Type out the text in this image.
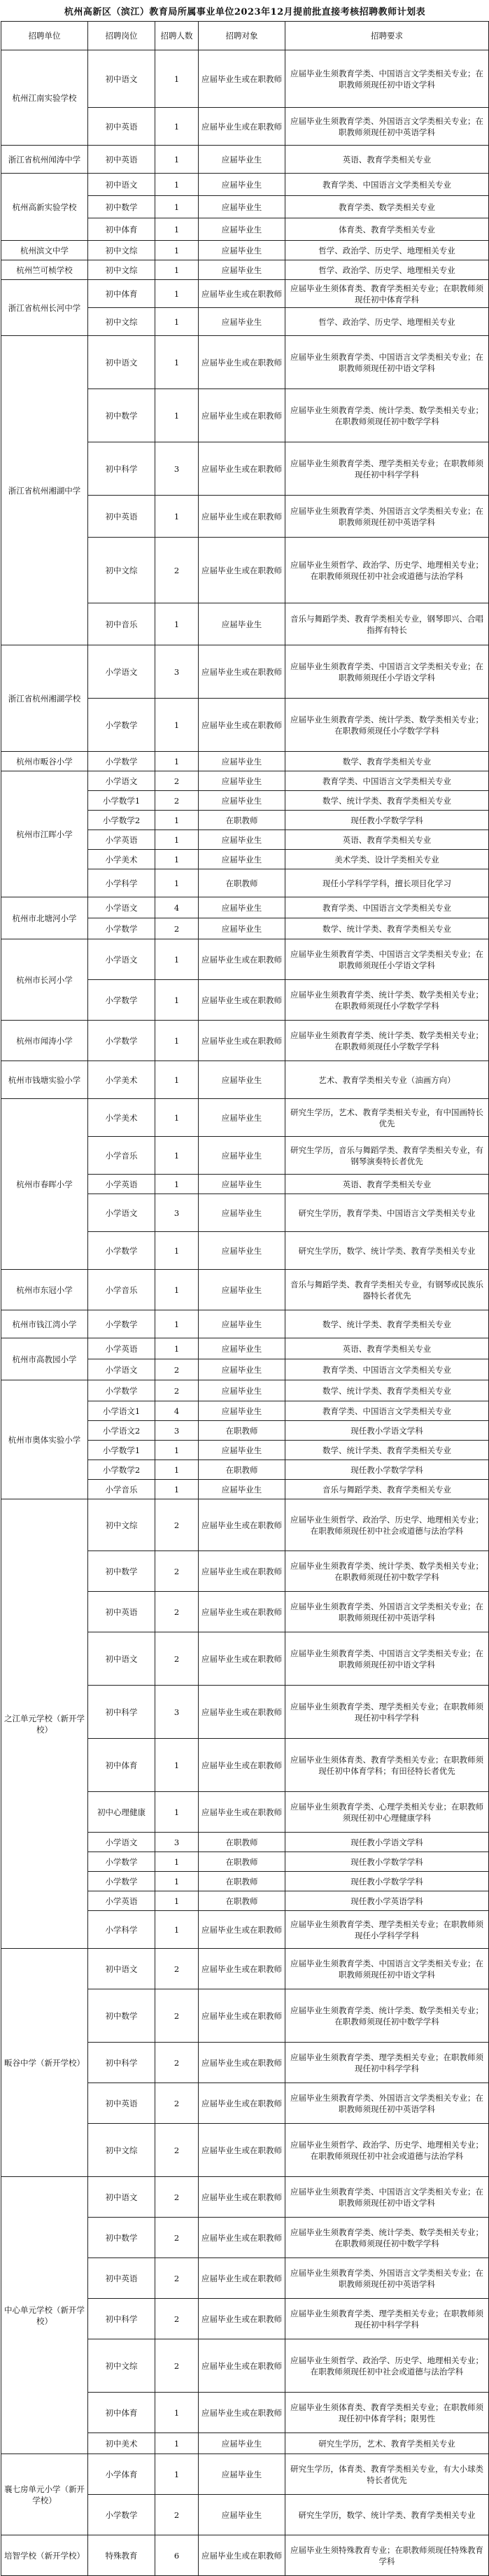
杭州高新区（滨江）教育局所属事业单位2023年12月提前批直接考核招聘教师计划表
招聘单位	招聘岗位	招聘人数	招聘对象	招聘要求
杭州江南实验学校	初中语文	1	应届毕业生或在职教师	应届毕业生须教育学类、中国语言文学类相关专业；在职教师须现任初中语文学科
	初中英语	1	应届毕业生或在职教师	应届毕业生须教育学类、外国语言文学类相关专业；在职教师须现任初中英语学科
浙江省杭州闻涛中学	初中英语	1	应届毕业生	英语、教育学类相关专业
杭州高新实验学校	初中语文	1	应届毕业生	教育学类、中国语言文学类相关专业
	初中数学	1	应届毕业生	教育学类、数学类相关专业
	初中体育	1	应届毕业生	体育类、教育学类相关专业
杭州滨文中学	初中文综	1	应届毕业生	哲学、政治学、历史学、地理相关专业
杭州竺可桢学校	初中文综	1	应届毕业生	哲学、政治学、历史学、地理相关专业
浙江省杭州长河中学	初中体育	1	应届毕业生或在职教师	应届毕业生须体育类、教育学类相关专业；在职教师须现任初中体育学科
	初中文综	1	应届毕业生	哲学、政治学、历史学、地理相关专业
浙江省杭州湘湖中学	初中语文	1	应届毕业生或在职教师	应届毕业生须教育学类、中国语言文学类相关专业；在职教师须现任初中语文学科
	初中数学	1	应届毕业生或在职教师	应届毕业生须教育学类、统计学类、数学类相关专业；在职教师须现任初中数学学科
	初中科学	3	应届毕业生或在职教师	应届毕业生须教育学类、理学类相关专业；在职教师须现任初中科学学科
	初中英语	1	应届毕业生或在职教师	应届毕业生须教育学类、外国语言文学类相关专业；在职教师须现任初中英语学科
	初中文综	2	应届毕业生或在职教师	应届毕业生须哲学、政治学、历史学、地理相关专业；在职教师须现任初中社会或道德与法治学科
	初中音乐	1	应届毕业生	音乐与舞蹈学类、教育学类相关专业，钢琴即兴、合唱指挥有特长
浙江省杭州湘湖学校	小学语文	3	应届毕业生或在职教师	应届毕业生须教育学类、中国语言文学类相关专业；在职教师须现任小学语文学科
	小学数学	1	应届毕业生或在职教师	应届毕业生须教育学类、统计学类、数学类相关专业；在职教师须现任小学数学学科
杭州市畈谷小学	小学数学	1	应届毕业生	数学、教育学类相关专业
杭州市江晖小学	小学语文	2	应届毕业生	教育学类、中国语言文学类相关专业
	小学数学1	2	应届毕业生	数学、统计学类、教育学类相关专业
	小学数学2	1	在职教师	现任教小学数学学科
	小学英语	1	应届毕业生	英语、教育学类相关专业
	小学美术	1	应届毕业生	美术学类、设计学类相关专业
	小学科学	1	在职教师	现任小学科学学科，擅长项目化学习
杭州市北塘河小学	小学语文	4	应届毕业生	教育学类、中国语言文学类相关专业
	小学数学	2	应届毕业生	数学、统计学类、教育学类相关专业
杭州市长河小学	小学语文	1	应届毕业生或在职教师	应届毕业生须教育学类、中国语言文学类相关专业；在职教师须现任小学语文学科
	小学数学	1	应届毕业生或在职教师	应届毕业生须教育学类、统计学类、数学类相关专业；在职教师须现任小学数学学科
杭州市闻涛小学	小学数学	1	应届毕业生或在职教师	应届毕业生须教育学类、统计学类、数学类相关专业；在职教师须现任小学数学学科
杭州市钱塘实验小学	小学美术	1	应届毕业生	艺术、教育学类相关专业（油画方向）
杭州市春晖小学	小学美术	1	应届毕业生	研究生学历，艺术、教育学类相关专业，有中国画特长优先
	小学音乐	1	应届毕业生	研究生学历，音乐与舞蹈学类、教育学类相关专业，有钢琴演奏特长者优先
	小学英语	1	应届毕业生	英语、教育学类相关专业
	小学语文	3	应届毕业生	研究生学历，教育学类、中国语言文学类相关专业
	小学数学	1	应届毕业生	研究生学历，数学、统计学类、教育学类相关专业
杭州市东冠小学	小学音乐	1	应届毕业生	音乐与舞蹈学类、教育学类相关专业，有钢琴或民族乐器特长者优先
杭州市钱江湾小学	小学数学	1	应届毕业生	数学、统计学类、教育学类相关专业
杭州市高教园小学	小学英语	1	应届毕业生	英语、教育学类相关专业
	小学语文	2	应届毕业生	教育学类、中国语言文学类相关专业
杭州市奥体实验小学	小学数学	2	应届毕业生	数学、统计学类、教育学类相关专业
	小学语文1	4	应届毕业生	教育学类、中国语言文学类相关专业
	小学语文2	3	在职教师	现任教小学语文学科
	小学数学1	1	应届毕业生	数学、统计学类、教育学类相关专业
	小学数学2	1	在职教师	现任教小学数学学科
	小学音乐	1	应届毕业生	音乐与舞蹈学类、教育学类相关专业
之江单元学校（新开学校）	初中文综	2	应届毕业生或在职教师	应届毕业生须哲学、政治学、历史学、地理相关专业；在职教师须现任初中社会或道德与法治学科
	初中数学	2	应届毕业生或在职教师	应届毕业生须教育学类、统计学类、数学类相关专业；在职教师须现任初中数学学科
	初中英语	2	应届毕业生或在职教师	应届毕业生须教育学类、外国语言文学类相关专业；在职教师须现任初中英语学科
	初中语文	2	应届毕业生或在职教师	应届毕业生须教育学类、中国语言文学类相关专业；在职教师须现任初中语文学科
	初中科学	3	应届毕业生或在职教师	应届毕业生须教育学类、理学类相关专业；在职教师须现任初中科学学科
	初中体育	1	应届毕业生或在职教师	应届毕业生须体育类、教育学类相关专业；在职教师须现任初中体育学科；有田径特长者优先
	初中心理健康	1	应届毕业生或在职教师	应届毕业生须教育学类、心理学类相关专业；在职教师须现任初中心理健康学科
	小学语文	3	在职教师	现任教小学语文学科
	小学数学	1	在职教师	现任教小学数学学科
	小学数学	1	在职教师	现任教小学数学学科
	小学英语	1	在职教师	现任教小学英语学科
	小学科学	1	应届毕业生或在职教师	应届毕业生须教育学类、理学类相关专业；在职教师须现任小学科学学科
畈谷中学（新开学校）	初中语文	2	应届毕业生或在职教师	应届毕业生须教育学类、中国语言文学类相关专业；在职教师须现任初中语文学科
	初中数学	2	应届毕业生或在职教师	应届毕业生须教育学类、统计学类、数学类相关专业；在职教师须现任初中数学学科
	初中科学	2	应届毕业生或在职教师	应届毕业生须教育学类、理学类相关专业；在职教师须现任初中科学学科
	初中英语	2	应届毕业生或在职教师	应届毕业生须教育学类、外国语言文学类相关专业；在职教师须现任初中英语学科
	初中文综	2	应届毕业生或在职教师	应届毕业生须哲学、政治学、历史学、地理相关专业；在职教师须现任初中社会或道德与法治学科
中心单元学校（新开学校）	初中语文	2	应届毕业生或在职教师	应届毕业生须教育学类、中国语言文学类相关专业；在职教师须现任初中语文学科
	初中数学	2	应届毕业生或在职教师	应届毕业生须教育学类、统计学类、数学类相关专业；在职教师须现任初中数学学科
	初中英语	2	应届毕业生或在职教师	应届毕业生须教育学类、外国语言文学类相关专业；在职教师须现任初中英语学科
	初中科学	2	应届毕业生或在职教师	应届毕业生须教育学类、理学类相关专业；在职教师须现任初中科学学科
	初中文综	2	应届毕业生或在职教师	应届毕业生须哲学、政治学、历史学、地理相关专业；在职教师须现任初中社会或道德与法治学科
	初中体育	1	应届毕业生或在职教师	应届毕业生须体育类、教育学类相关专业；在职教师须现任初中体育学科；限男性
	初中美术	1	应届毕业生	研究生学历，艺术、教育学类相关专业
襄七房单元小学（新开学校）	小学体育	1	应届毕业生	研究生学历，体育类、教育学类相关专业，有大小球类特长者优先
	小学数学	2	应届毕业生	研究生学历，数学、统计学类、教育学类相关专业
培智学校（新开学校）	特殊教育	6	应届毕业生或在职教师	应届毕业生须特殊教育专业；在职教师须现任特殊教育学科
